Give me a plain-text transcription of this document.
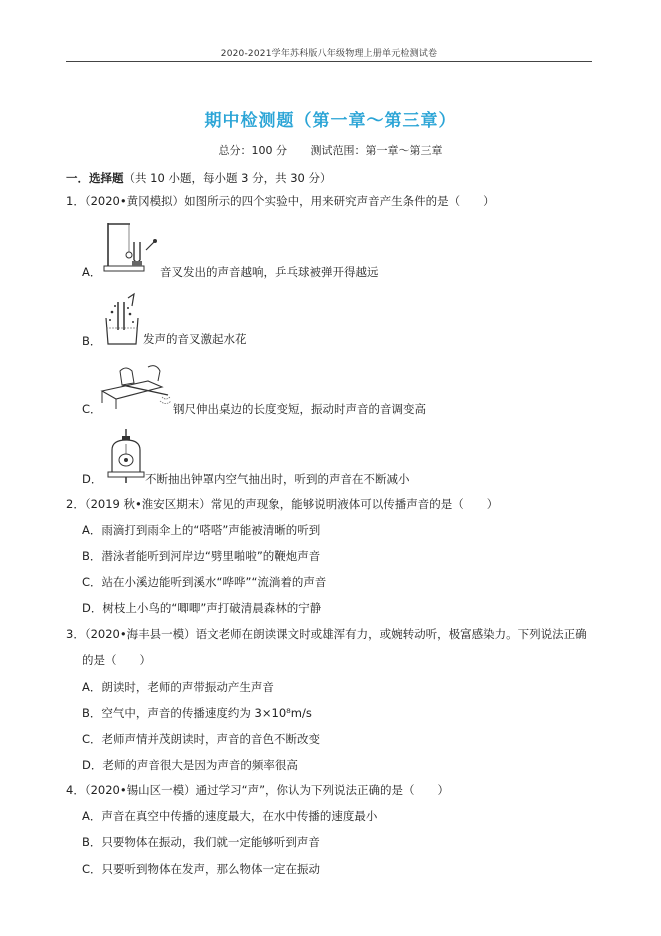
2020-2021学年苏科版八年级物理上册单元检测试卷
期中检测题（第一章～第三章）
总分：100 分 测试范围：第一章～第三章
一．选择题（共 10 小题，每小题 3 分，共 30 分）
1．（2020•黄冈模拟）如图所示的四个实验中，用来研究声音产生条件的是（　　）
A．	音叉发出的声音越响，乒乓球被弹开得越远
B．	发声的音叉激起水花
C．	钢尺伸出桌边的长度变短，振动时声音的音调变高
D．	不断抽出钟罩内空气抽出时，听到的声音在不断减小
2．（2019 秋•淮安区期末）常见的声现象，能够说明液体可以传播声音的是（　　）
A．雨滴打到雨伞上的“嗒嗒”声能被清晰的听到
B．潜泳者能听到河岸边“劈里啪啦”的鞭炮声音
C．站在小溪边能听到溪水“哗哗”“流淌着的声音
D．树枝上小鸟的“唧唧”声打破清晨森林的宁静
3．（2020•海丰县一模）语文老师在朗读课文时或雄浑有力，或婉转动听，极富感染力。下列说法正确
的是（　　）
A．朗读时，老师的声带振动产生声音
B．空气中，声音的传播速度约为 3×10⁸m/s
C．老师声情并茂朗读时，声音的音色不断改变
D．老师的声音很大是因为声音的频率很高
4．（2020•锡山区一模）通过学习“声”，你认为下列说法正确的是（　　）
A．声音在真空中传播的速度最大，在水中传播的速度最小
B．只要物体在振动，我们就一定能够听到声音
C．只要听到物体在发声，那么物体一定在振动
